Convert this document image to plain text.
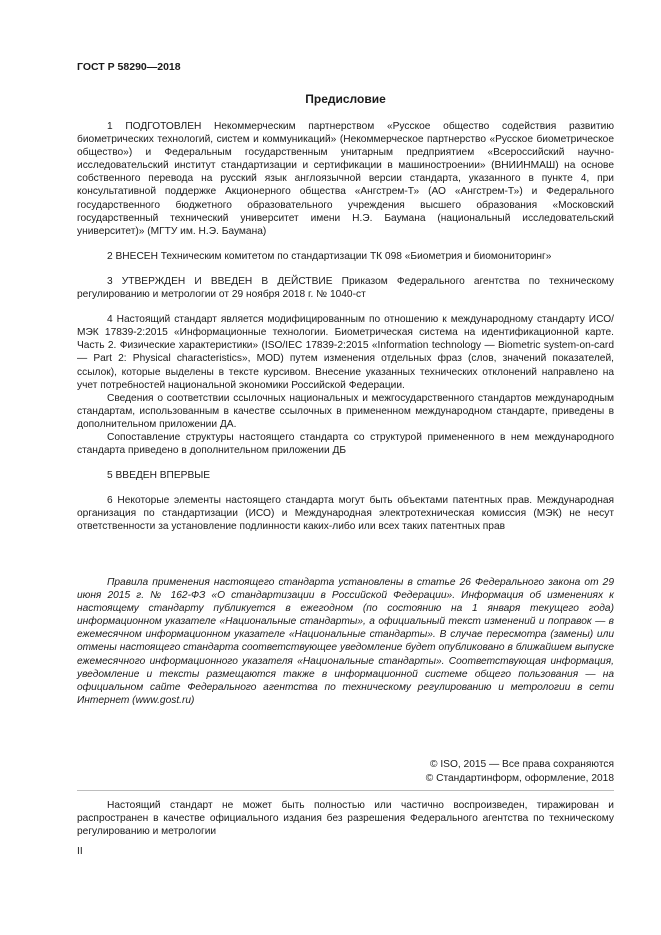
ГОСТ Р 58290—2018
Предисловие

1 ПОДГОТОВЛЕН Некоммерческим партнерством «Русское общество содействия развитию биометрических технологий, систем и коммуникаций» (Некоммерческое партнерство «Русское биометрическое общество») и Федеральным государственным унитарным предприятием «Всероссийский научно-исследовательский институт стандартизации и сертификации в машиностроении» (ВНИИНМАШ) на основе собственного перевода на русский язык англоязычной версии стандарта, указанного в пункте 4, при консультативной поддержке Акционерного общества «Ангстрем-Т» (АО «Ангстрем-Т») и Федерального государственного бюджетного образовательного учреждения высшего образования «Московский государственный технический университет имени Н.Э. Баумана (национальный исследовательский университет)» (МГТУ им. Н.Э. Баумана)

2 ВНЕСЕН Техническим комитетом по стандартизации ТК 098 «Биометрия и биомониторинг»

3 УТВЕРЖДЕН И ВВЕДЕН В ДЕЙСТВИЕ Приказом Федерального агентства по техническому регулированию и метрологии от 29 ноября 2018 г. № 1040-ст

4 Настоящий стандарт является модифицированным по отношению к международному стандарту ИСО/МЭК 17839-2:2015 «Информационные технологии. Биометрическая система на идентификационной карте. Часть 2. Физические характеристики» (ISO/IEC 17839-2:2015 «Information technology — Biometric system-on-card — Part 2: Physical characteristics», MOD) путем изменения отдельных фраз (слов, значений показателей, ссылок), которые выделены в тексте курсивом. Внесение указанных технических отклонений направлено на учет потребностей национальной экономики Российской Федерации.

Сведения о соответствии ссылочных национальных и межгосударственного стандартов международным стандартам, использованным в качестве ссылочных в примененном международном стандарте, приведены в дополнительном приложении ДА.

Сопоставление структуры настоящего стандарта со структурой примененного в нем международного стандарта приведено в дополнительном приложении ДБ

5 ВВЕДЕН ВПЕРВЫЕ

6 Некоторые элементы настоящего стандарта могут быть объектами патентных прав. Международная организация по стандартизации (ИСО) и Международная электротехническая комиссия (МЭК) не несут ответственности за установление подлинности каких-либо или всех таких патентных прав

Правила применения настоящего стандарта установлены в статье 26 Федерального закона от 29 июня 2015 г. № 162-ФЗ «О стандартизации в Российской Федерации». Информация об изменениях к настоящему стандарту публикуется в ежегодном (по состоянию на 1 января текущего года) информационном указателе «Национальные стандарты», а официальный текст изменений и поправок — в ежемесячном информационном указателе «Национальные стандарты». В случае пересмотра (замены) или отмены настоящего стандарта соответствующее уведомление будет опубликовано в ближайшем выпуске ежемесячного информационного указателя «Национальные стандарты». Соответствующая информация, уведомление и тексты размещаются также в информационной системе общего пользования — на официальном сайте Федерального агентства по техническому регулированию и метрологии в сети Интернет (www.gost.ru)
© ISO, 2015 — Все права сохраняются
© Стандартинформ, оформление, 2018
Настоящий стандарт не может быть полностью или частично воспроизведен, тиражирован и распространен в качестве официального издания без разрешения Федерального агентства по техническому регулированию и метрологии
II
